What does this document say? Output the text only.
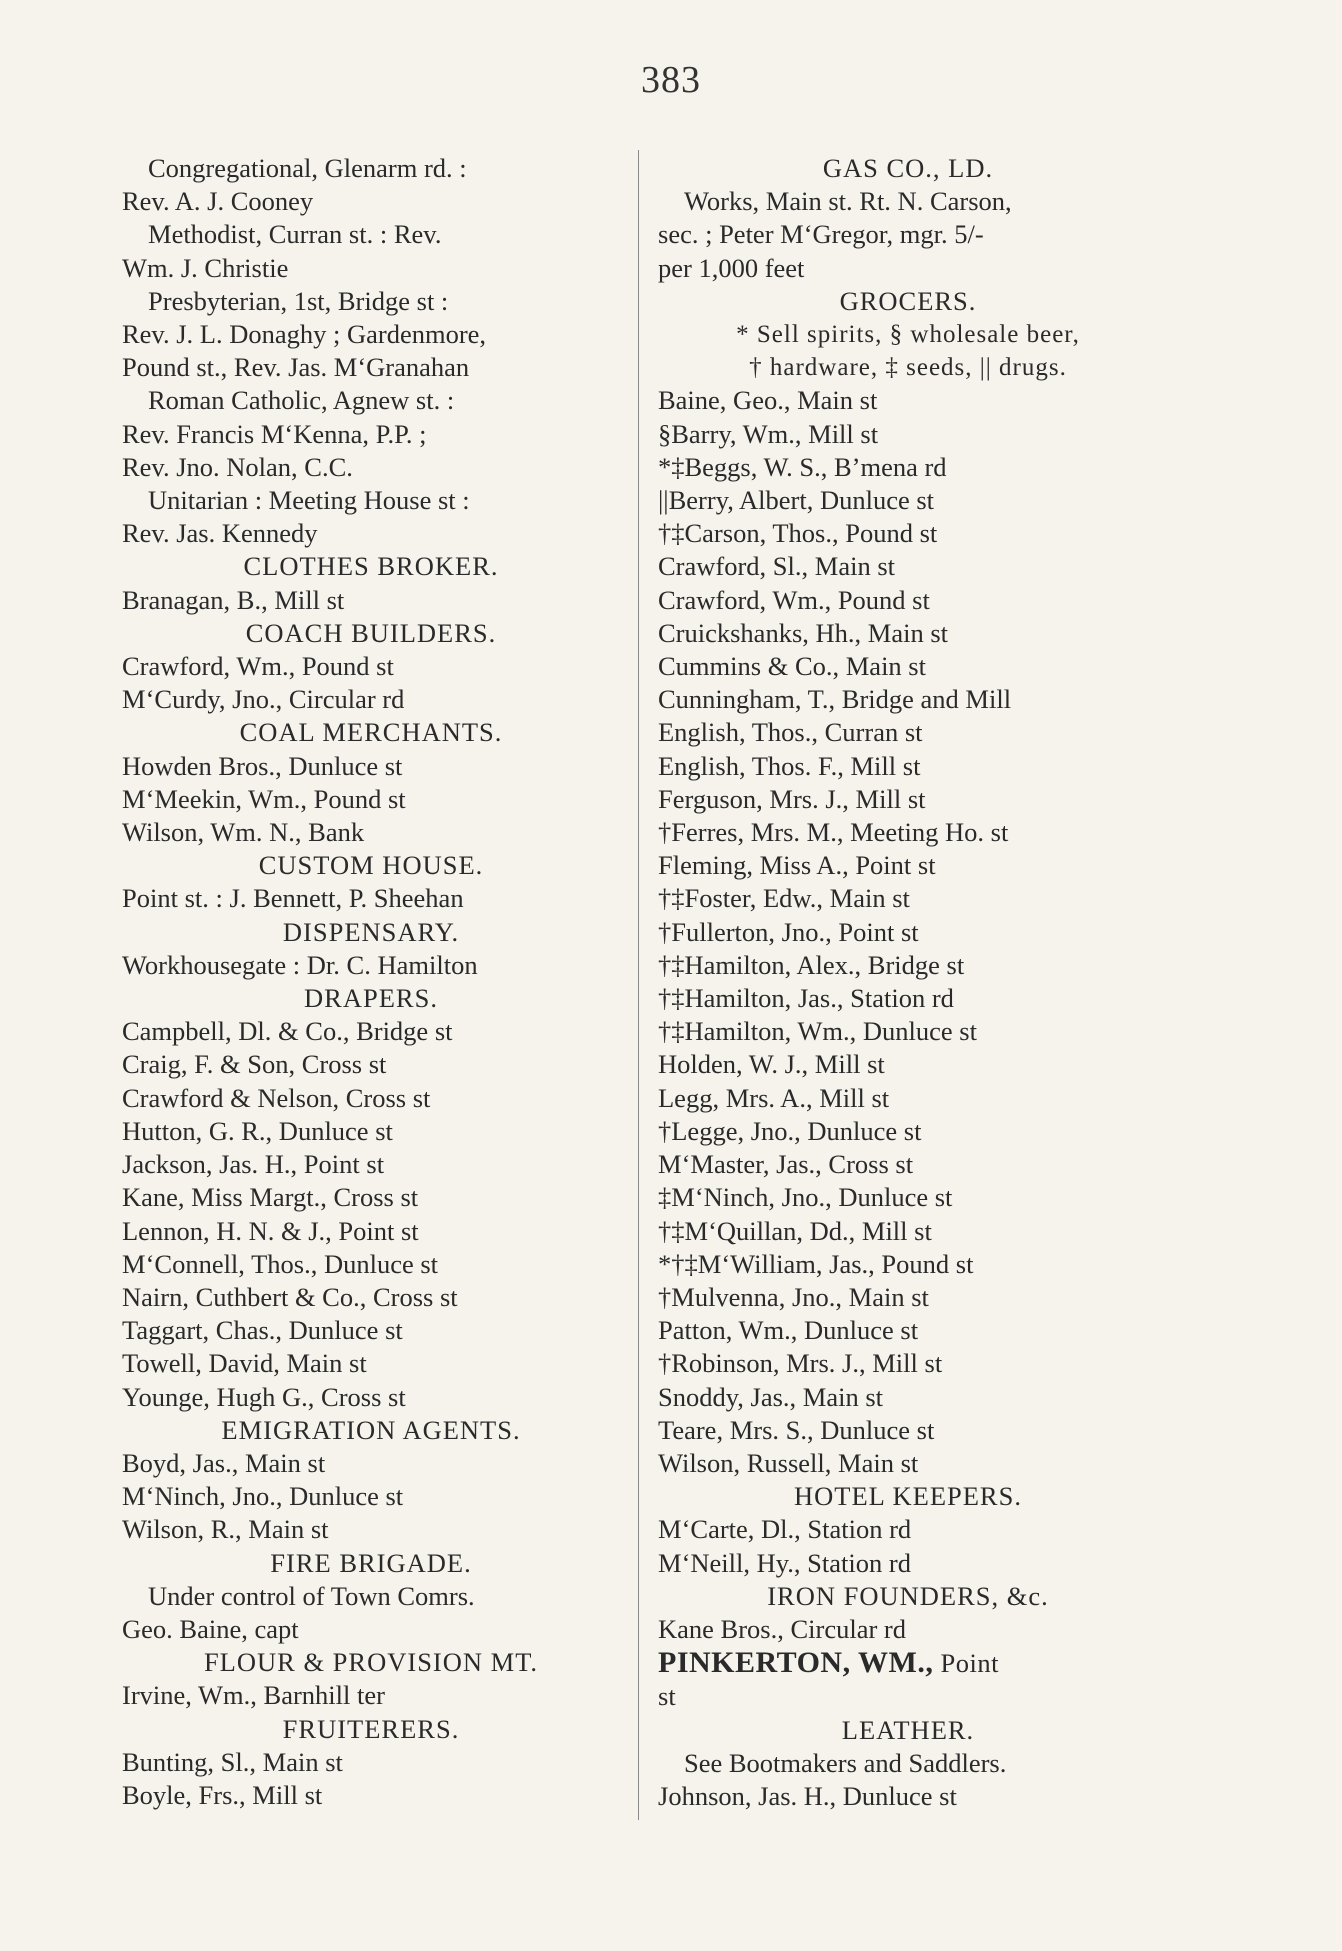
383
Congregational, Glenarm rd. :
Rev. A. J. Cooney
Methodist, Curran st. : Rev.
Wm. J. Christie
Presbyterian, 1st, Bridge st :
Rev. J. L. Donaghy ; Gardenmore,
Pound st., Rev. Jas. M‘Granahan
Roman Catholic, Agnew st. :
Rev. Francis M‘Kenna, P.P. ;
Rev. Jno. Nolan, C.C.
Unitarian : Meeting House st :
Rev. Jas. Kennedy
CLOTHES BROKER.
Branagan, B., Mill st
COACH BUILDERS.
Crawford, Wm., Pound st
M‘Curdy, Jno., Circular rd
COAL MERCHANTS.
Howden Bros., Dunluce st
M‘Meekin, Wm., Pound st
Wilson, Wm. N., Bank
CUSTOM HOUSE.
Point st. : J. Bennett, P. Sheehan
DISPENSARY.
Workhousegate : Dr. C. Hamilton
DRAPERS.
Campbell, Dl. & Co., Bridge st
Craig, F. & Son, Cross st
Crawford & Nelson, Cross st
Hutton, G. R., Dunluce st
Jackson, Jas. H., Point st
Kane, Miss Margt., Cross st
Lennon, H. N. & J., Point st
M‘Connell, Thos., Dunluce st
Nairn, Cuthbert & Co., Cross st
Taggart, Chas., Dunluce st
Towell, David, Main st
Younge, Hugh G., Cross st
EMIGRATION AGENTS.
Boyd, Jas., Main st
M‘Ninch, Jno., Dunluce st
Wilson, R., Main st
FIRE BRIGADE.
Under control of Town Comrs.
Geo. Baine, capt
FLOUR & PROVISION MT.
Irvine, Wm., Barnhill ter
FRUITERERS.
Bunting, Sl., Main st
Boyle, Frs., Mill st
GAS CO., LD.
Works, Main st. Rt. N. Carson,
sec. ; Peter M‘Gregor, mgr. 5/-
per 1,000 feet
GROCERS.
* Sell spirits, § wholesale beer,
† hardware, ‡ seeds, || drugs.
Baine, Geo., Main st
§Barry, Wm., Mill st
*‡Beggs, W. S., B’mena rd
||Berry, Albert, Dunluce st
†‡Carson, Thos., Pound st
Crawford, Sl., Main st
Crawford, Wm., Pound st
Cruickshanks, Hh., Main st
Cummins & Co., Main st
Cunningham, T., Bridge and Mill
English, Thos., Curran st
English, Thos. F., Mill st
Ferguson, Mrs. J., Mill st
†Ferres, Mrs. M., Meeting Ho. st
Fleming, Miss A., Point st
†‡Foster, Edw., Main st
†Fullerton, Jno., Point st
†‡Hamilton, Alex., Bridge st
†‡Hamilton, Jas., Station rd
†‡Hamilton, Wm., Dunluce st
Holden, W. J., Mill st
Legg, Mrs. A., Mill st
†Legge, Jno., Dunluce st
M‘Master, Jas., Cross st
‡M‘Ninch, Jno., Dunluce st
†‡M‘Quillan, Dd., Mill st
*†‡M‘William, Jas., Pound st
†Mulvenna, Jno., Main st
Patton, Wm., Dunluce st
†Robinson, Mrs. J., Mill st
Snoddy, Jas., Main st
Teare, Mrs. S., Dunluce st
Wilson, Russell, Main st
HOTEL KEEPERS.
M‘Carte, Dl., Station rd
M‘Neill, Hy., Station rd
IRON FOUNDERS, &c.
Kane Bros., Circular rd
PINKERTON, WM., Point
st
LEATHER.
See Bootmakers and Saddlers.
Johnson, Jas. H., Dunluce st
